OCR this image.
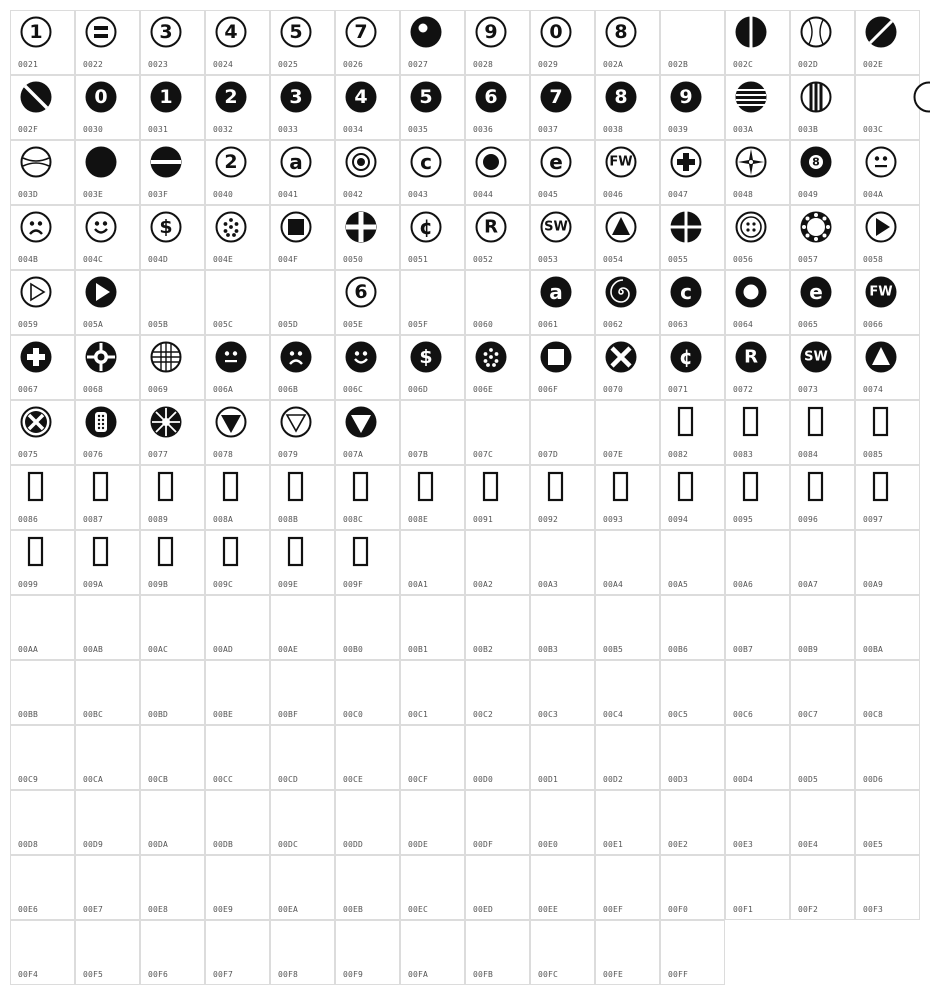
1
0021	0022
3
0023
4
0024
5
0025
7
0026	0027
9
0028
0
0029
8
002A	002B	002C	002D	002E
002F
0
0030
1
0031
2
0032
3
0033
4
0034
5
0035
6
0036
7
0037
8
0038
9
0039	003A	003B	003C
003D	003E	003F
2
0040
a
0041	0042
c
0043	0044
e
0045
FW
0046	0047	0048
8
0049	004A
004B	004C
$
004D	004E	004F	0050
¢
0051
R
0052
SW
0053	0054	0055	0056	0057	0058
0059	005A	005B	005C	005D
6
005E	005F	0060
a
0061	0062
c
0063	0064
e
0065
FW
0066
0067	0068	0069	006A	006B	006C
$
006D	006E	006F	0070
¢
0071
R
0072
SW
0073	0074
0075	0076	0077	0078	0079	007A	007B	007C	007D	007E	0082	0083	0084	0085
0086	0087	0089	008A	008B	008C	008E	0091	0092	0093	0094	0095	0096	0097
0099	009A	009B	009C	009E	009F	00A1	00A2	00A3	00A4	00A5	00A6	00A7	00A9
00AA	00AB	00AC	00AD	00AE	00B0	00B1	00B2	00B3	00B5	00B6	00B7	00B9	00BA
00BB	00BC	00BD	00BE	00BF	00C0	00C1	00C2	00C3	00C4	00C5	00C6	00C7	00C8
00C9	00CA	00CB	00CC	00CD	00CE	00CF	00D0	00D1	00D2	00D3	00D4	00D5	00D6
00D8	00D9	00DA	00DB	00DC	00DD	00DE	00DF	00E0	00E1	00E2	00E3	00E4	00E5
00E6	00E7	00E8	00E9	00EA	00EB	00EC	00ED	00EE	00EF	00F0	00F1	00F2	00F3
00F4	00F5	00F6	00F7	00F8	00F9	00FA	00FB	00FC	00FE	00FF
